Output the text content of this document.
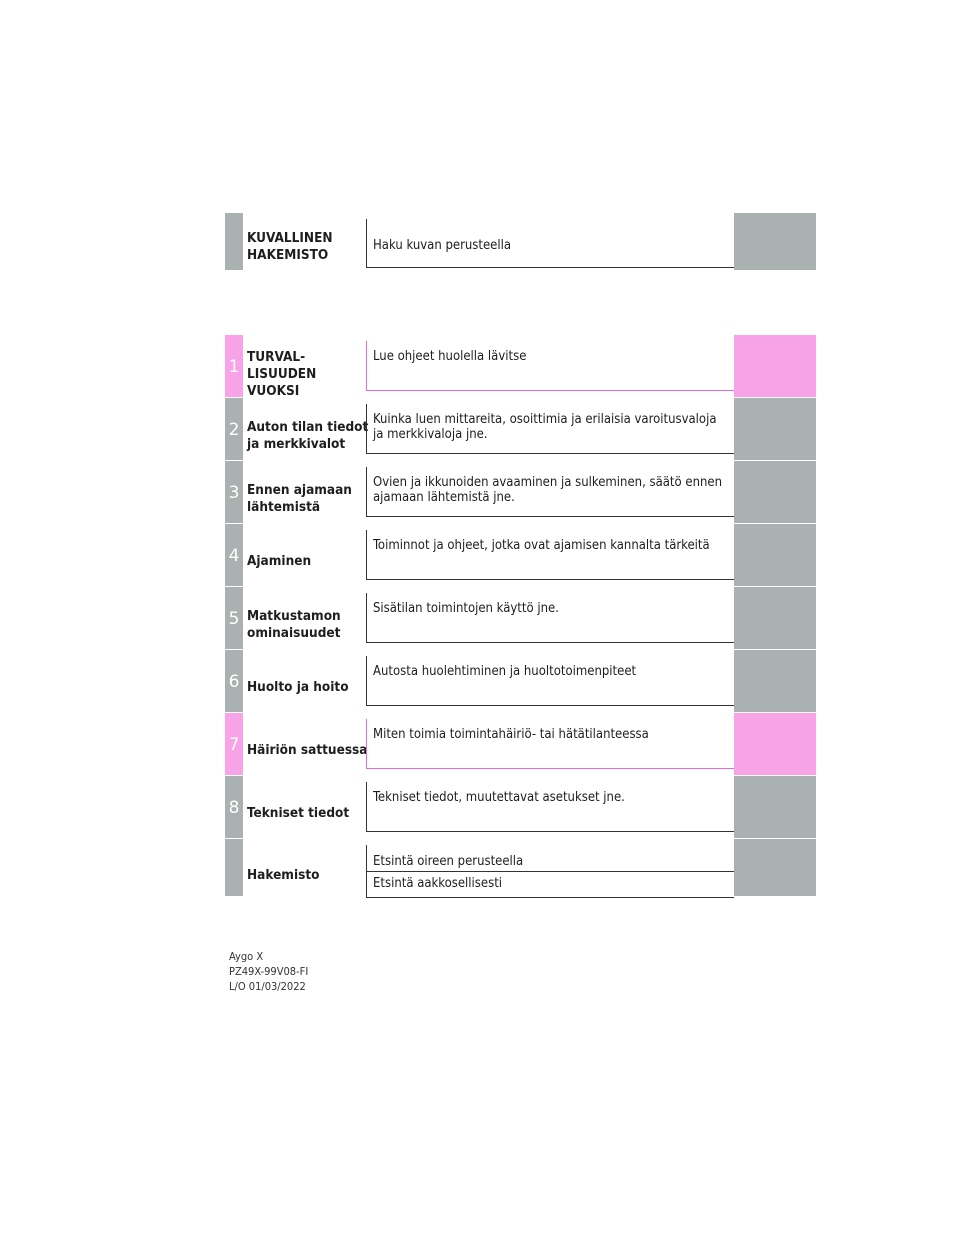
KUVALLINEN
HAKEMISTO
Haku kuvan perusteella
1 TURVAL-
LISUUDEN
VUOKSI
Lue ohjeet huolella lävitse
2 Auton tilan tiedot
ja merkkivalot
Kuinka luen mittareita, osoittimia ja erilaisia varoitusvaloja ja merkkivaloja jne.
3 Ennen ajamaan
lähtemistä
Ovien ja ikkunoiden avaaminen ja sulkeminen, säätö ennen ajamaan lähtemistä jne.
4 Ajaminen
Toiminnot ja ohjeet, jotka ovat ajamisen kannalta tärkeitä
5 Matkustamon
ominaisuudet
Sisätilan toimintojen käyttö jne.
6 Huolto ja hoito
Autosta huolehtiminen ja huoltotoimenpiteet
7 Häiriön sattuessa
Miten toimia toimintahäiriö- tai hätätilanteessa
8 Tekniset tiedot
Tekniset tiedot, muutettavat asetukset jne.
Hakemisto
Etsintä oireen perusteella
Etsintä aakkosellisesti
Aygo X
PZ49X-99V08-FI
L/O 01/03/2022
